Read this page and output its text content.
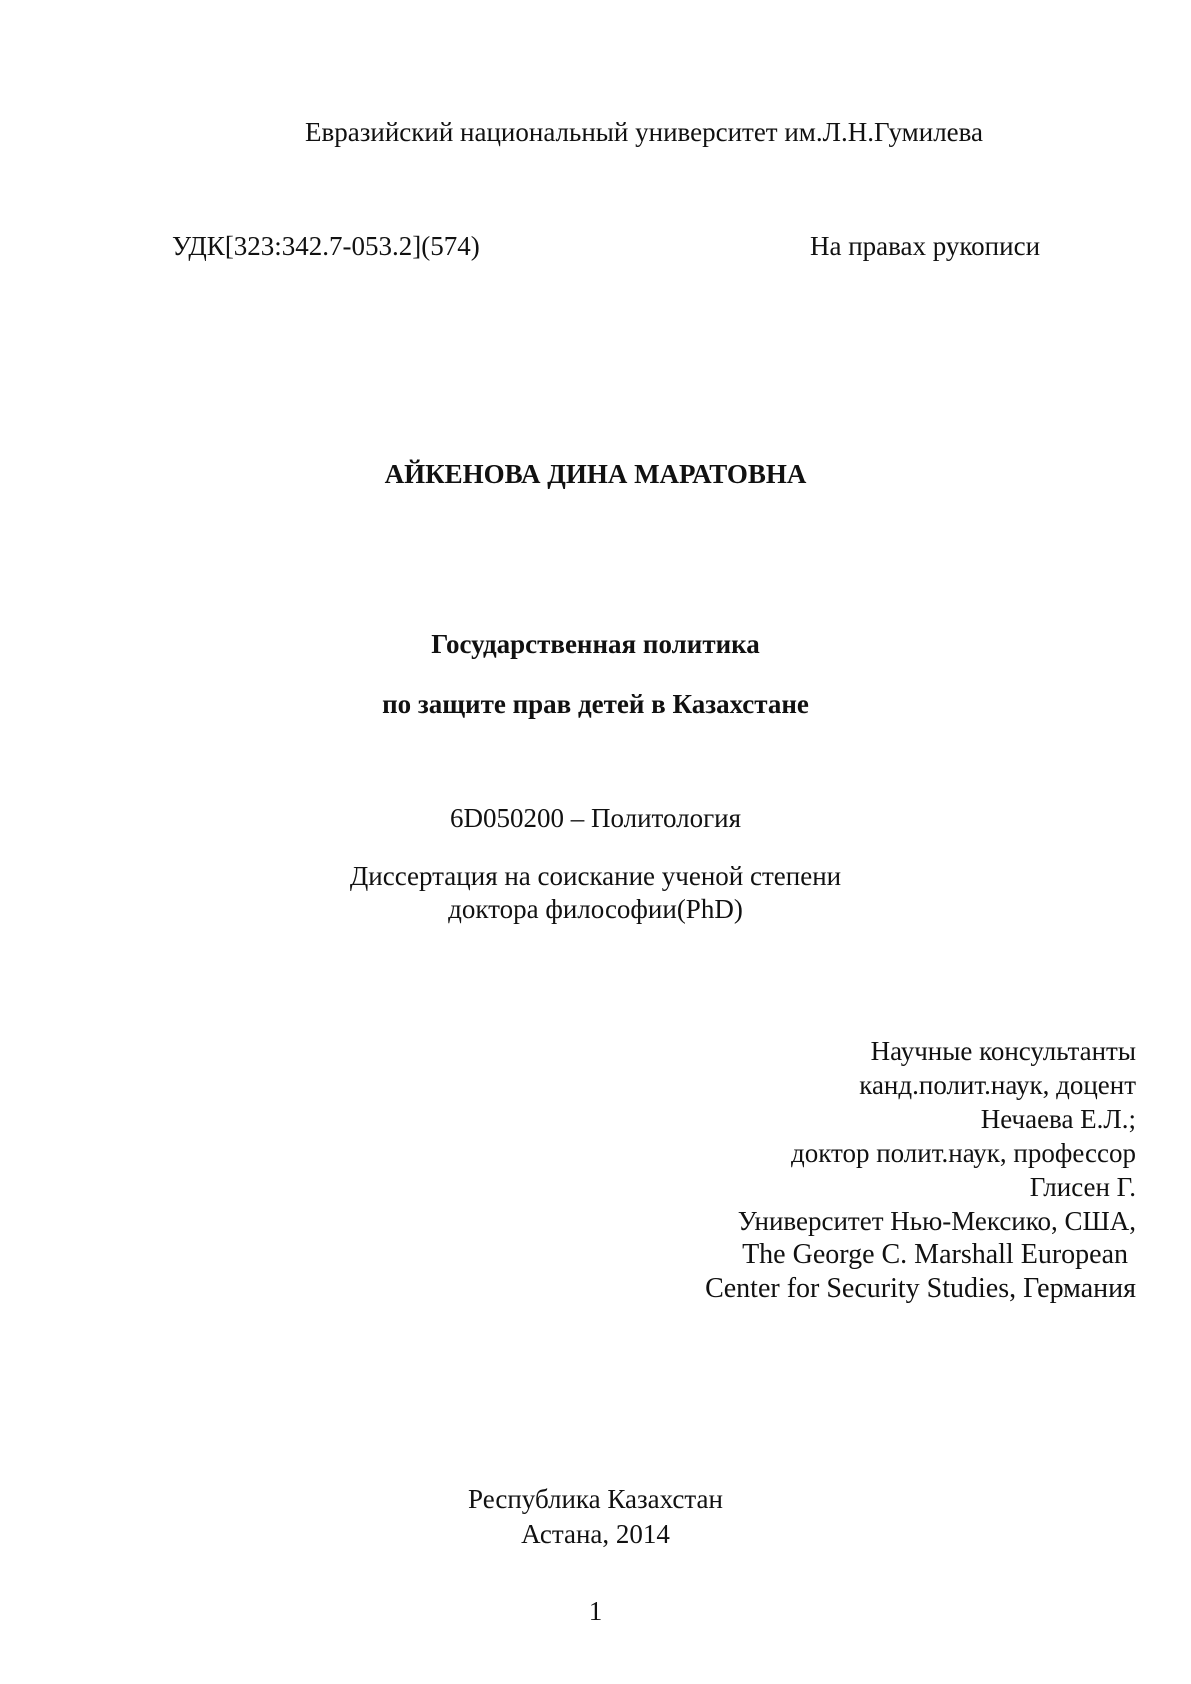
Евразийский национальный университет им.Л.Н.Гумилева
УДК[323:342.7-053.2](574)	На правах рукописи
АЙКЕНОВА ДИНА МАРАТОВНА
Государственная политика
по защите прав детей в Казахстане
6D050200 – Политология
Диссертация на соискание ученой степени
доктора философии(PhD)
Научные консультанты
канд.полит.наук, доцент
Нечаева Е.Л.;
доктор полит.наук, профессор
Глисен Г.
Университет Нью-Мексико, США,
The George C. Marshall European
Center for Security Studies, Германия
Республика Казахстан
Астана, 2014
1
